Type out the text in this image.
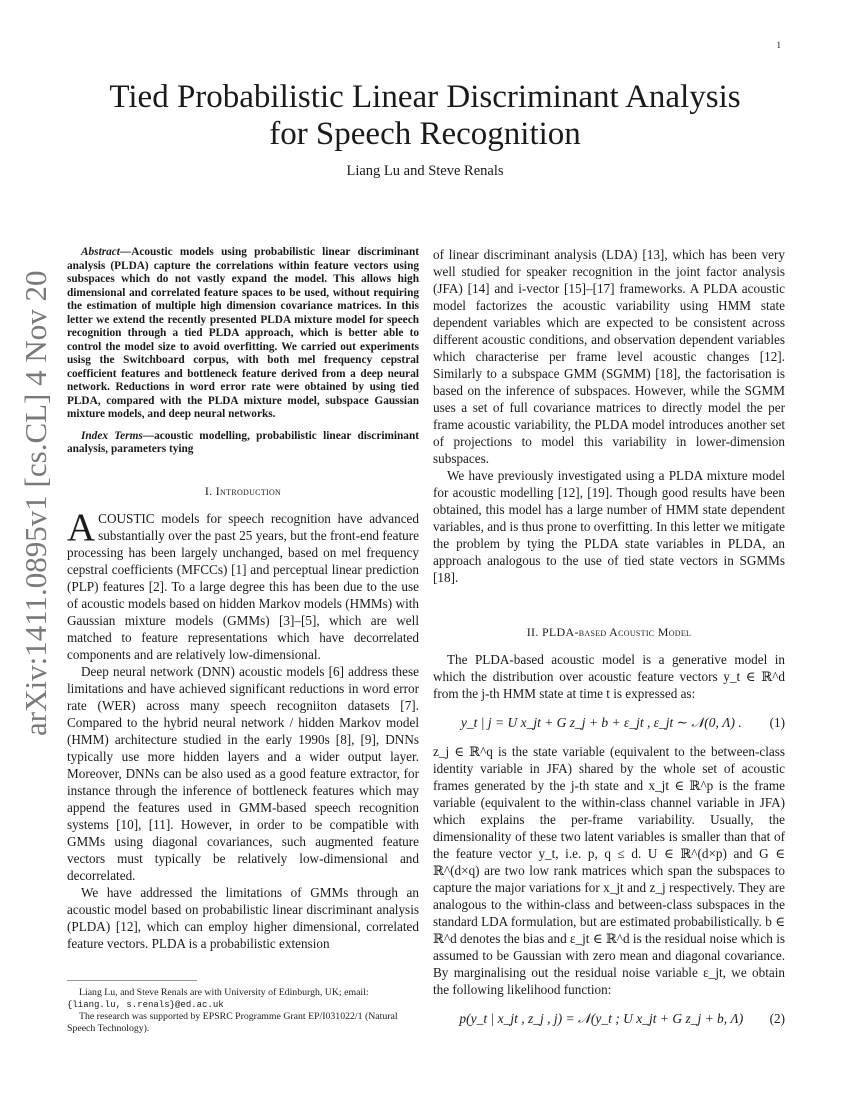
1
arXiv:1411.0895v1 [cs.CL] 4 Nov 2014
Tied Probabilistic Linear Discriminant Analysis
for Speech Recognition
Liang Lu and Steve Renals

Abstract—Acoustic models using probabilistic linear discriminant analysis (PLDA) capture the correlations within feature vectors using subspaces which do not vastly expand the model. This allows high dimensional and correlated feature spaces to be used, without requiring the estimation of multiple high dimension covariance matrices. In this letter we extend the recently presented PLDA mixture model for speech recognition through a tied PLDA approach, which is better able to control the model size to avoid overfitting. We carried out experiments usisg the Switchboard corpus, with both mel frequency cepstral coefficient features and bottleneck feature derived from a deep neural network. Reductions in word error rate were obtained by using tied PLDA, compared with the PLDA mixture model, subspace Gaussian mixture models, and deep neural networks.

Index Terms—acoustic modelling, probabilistic linear discriminant analysis, parameters tying

I. Introduction

ACOUSTIC models for speech recognition have advanced substantially over the past 25 years, but the front-end feature processing has been largely unchanged, based on mel frequency cepstral coefficients (MFCCs) [1] and perceptual linear prediction (PLP) features [2]. To a large degree this has been due to the use of acoustic models based on hidden Markov models (HMMs) with Gaussian mixture models (GMMs) [3]–[5], which are well matched to feature representations which have decorrelated components and are relatively low-dimensional.

Deep neural network (DNN) acoustic models [6] address these limitations and have achieved significant reductions in word error rate (WER) across many speech recogniiton datasets [7]. Compared to the hybrid neural network / hidden Markov model (HMM) architecture studied in the early 1990s [8], [9], DNNs typically use more hidden layers and a wider output layer. Moreover, DNNs can be also used as a good feature extractor, for instance through the inference of bottleneck features which may append the features used in GMM-based speech recognition systems [10], [11]. However, in order to be compatible with GMMs using diagonal covariances, such augmented feature vectors must typically be relatively low-dimensional and decorrelated.

We have addressed the limitations of GMMs through an acoustic model based on probabilistic linear discriminant analysis (PLDA) [12], which can employ higher dimensional, correlated feature vectors. PLDA is a probabilistic extension

Liang Lu, and Steve Renals are with University of Edinburgh, UK; email: {liang.lu, s.renals}@ed.ac.uk

The research was supported by EPSRC Programme Grant EP/I031022/1 (Natural Speech Technology).

of linear discriminant analysis (LDA) [13], which has been very well studied for speaker recognition in the joint factor analysis (JFA) [14] and i-vector [15]–[17] frameworks. A PLDA acoustic model factorizes the acoustic variability using HMM state dependent variables which are expected to be consistent across different acoustic conditions, and observation dependent variables which characterise per frame level acoustic changes [12]. Similarly to a subspace GMM (SGMM) [18], the factorisation is based on the inference of subspaces. However, while the SGMM uses a set of full covariance matrices to directly model the per frame acoustic variability, the PLDA model introduces another set of projections to model this variability in lower-dimension subspaces.

We have previously investigated using a PLDA mixture model for acoustic modelling [12], [19]. Though good results have been obtained, this model has a large number of HMM state dependent variables, and is thus prone to overfitting. In this letter we mitigate the problem by tying the PLDA state variables in PLDA, an approach analogous to the use of tied state vectors in SGMMs [18].

II. PLDA-based Acoustic Model

The PLDA-based acoustic model is a generative model in which the distribution over acoustic feature vectors y_t ∈ ℝ^d from the j-th HMM state at time t is expressed as:

y_t | j = U x_jt + G z_j + b + ε_jt , ε_jt ∼ 𝒩(0, Λ) .	(1)

z_j ∈ ℝ^q is the state variable (equivalent to the between-class identity variable in JFA) shared by the whole set of acoustic frames generated by the j-th state and x_jt ∈ ℝ^p is the frame variable (equivalent to the within-class channel variable in JFA) which explains the per-frame variability. Usually, the dimensionality of these two latent variables is smaller than that of the feature vector y_t, i.e. p, q ≤ d. U ∈ ℝ^(d×p) and G ∈ ℝ^(d×q) are two low rank matrices which span the subspaces to capture the major variations for x_jt and z_j respectively. They are analogous to the within-class and between-class subspaces in the standard LDA formulation, but are estimated probabilistically. b ∈ ℝ^d denotes the bias and ε_jt ∈ ℝ^d is the residual noise which is assumed to be Gaussian with zero mean and diagonal covariance. By marginalising out the residual noise variable ε_jt, we obtain the following likelihood function:

p(y_t | x_jt , z_j , j) = 𝒩(y_t ; U x_jt + G z_j + b, Λ)	(2)
